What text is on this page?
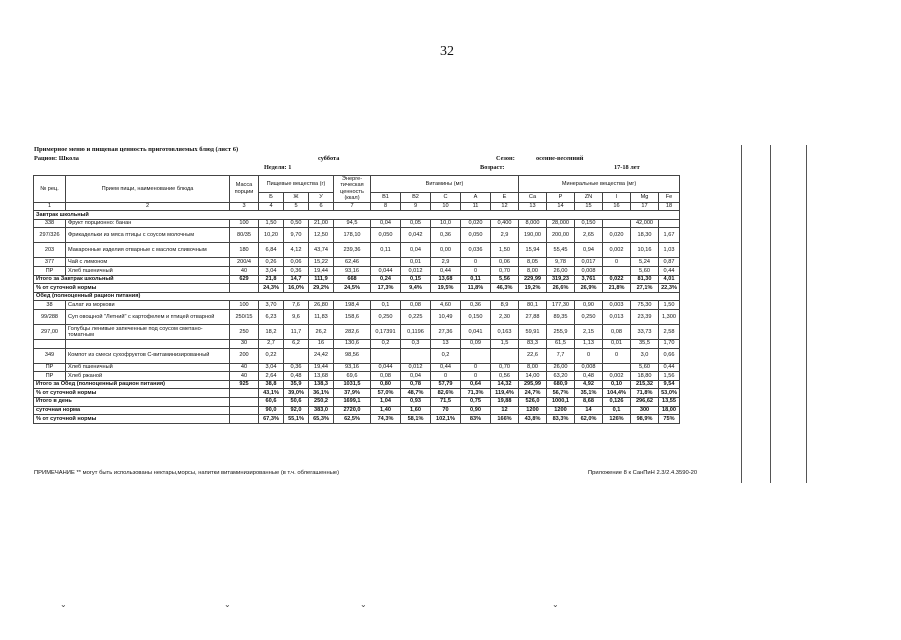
32
Примерное меню и пищевая ценность приготовляемых блюд (лист 6)
Рацион: Школа	суббота	Сезон:	осенне-весенний
Неделя: 1	Возраст:	17-18 лет
№ рец.	Прием пищи, наименование блюда	Масса порции	Пищевые вещества (г)			Энерге-тическая ценность (ккал)	Витамины (мг)					Минеральные вещества (мг)					
			Б	Ж	У		B1	B2	C	A	E	Ca	P	ZN	I	Mg	Fe
1	2	3	4	5	6	7	8	9	10	11	12	13	14	15	16	17	18
Завтрак школьный																	
338	Фрукт порционно: банан	100	1,50	0,50	21,00	94,5	0,04	0,05	10,0	0,020	0,400	8,000	28,000	0,150		42,000	
297/326	Фрикадельки из мяса птицы с соусом молочным	80/35	10,20	9,70	12,50	178,10	0,050	0,042	0,36	0,050	2,9	190,00	200,00	2,65	0,020	18,30	1,67
203	Макаронные изделия отварные с маслом сливочным	180	6,84	4,12	43,74	239,36	0,11	0,04	0,00	0,036	1,50	15,94	55,45	0,94	0,002	10,16	1,03
377	Чай с лимоном	200/4	0,26	0,06	15,22	62,46		0,01	2,9	0	0,06	8,05	9,78	0,017	0	5,24	0,87
ПР	Хлеб пшеничный	40	3,04	0,36	19,44	93,16	0,044	0,012	0,44	0	0,70	8,00	26,00	0,008		5,60	0,44
Итого за Завтрак школьный		629	21,8	14,7	111,9	668	0,24	0,15	13,68	0,11	5,56	229,99	319,23	3,761	0,022	81,30	4,01
% от суточной нормы			24,3%	16,0%	29,2%	24,5%	17,3%	9,4%	19,5%	11,8%	46,3%	19,2%	26,6%	26,9%	21,8%	27,1%	22,3%
Обед (полноценный рацион питания)																	
38	Салат из моркови	100	3,70	7,6	26,80	198,4	0,1	0,08	4,60	0,36	8,9	80,1	177,30	0,90	0,003	75,30	1,50
99/288	Суп овощной "Летний" с картофелем и птицей отварной	250/15	6,23	9,6	11,83	158,6	0,250	0,225	10,49	0,150	2,30	27,88	89,35	0,250	0,013	23,39	1,300
297,00	Голубцы ленивые запеченные под соусом сметано-томатным	250	18,2	11,7	26,2	282,6	0,17391	0,1196	27,36	0,041	0,163	59,91	255,9	2,15	0,08	33,73	2,58
		30	2,7	6,2	16	130,6	0,2	0,3	13	0,09	1,5	83,3	61,5	1,13	0,01	35,5	1,70
349	Компот из смеси сухофруктов С-витаминизированный	200	0,22		24,42	98,56			0,2			22,6	7,7	0	0	3,0	0,66
ПР	Хлеб пшеничный	40	3,04	0,36	19,44	93,16	0,044	0,012	0,44	0	0,70	8,00	26,00	0,008		5,60	0,44
ПР	Хлеб ржаной	40	2,64	0,48	13,68	69,6	0,08	0,04	0	0	0,56	14,00	63,20	0,48	0,002	18,80	1,56
Итого за Обед (полноценный рацион питания)		925	38,8	35,9	138,3	1031,5	0,80	0,78	57,79	0,64	14,32	295,99	680,9	4,92	0,10	215,32	9,54
% от суточной нормы			43,1%	39,0%	36,1%	37,9%	57,0%	48,7%	82,6%	71,3%	119,4%	24,7%	56,7%	35,1%	104,4%	71,8%	53,0%
Итого в день			60,6	50,6	250,2	1699,1	1,04	0,93	71,5	0,75	19,88	526,0	1000,1	8,68	0,126	296,62	13,55
суточная норма			90,0	92,0	383,0	2720,0	1,40	1,60	70	0,90	12	1200	1200	14	0,1	300	18,00
% от суточной нормы			67,3%	55,1%	65,3%	62,5%	74,3%	58,1%	102,1%	83%	166%	43,8%	83,3%	62,0%	126%	98,9%	75%
ПРИМЕЧАНИЕ ** могут быть использованы нектары,морсы, напитки витаминизированные (в т.ч. облегашенные)	Приложение 8 к СанПиН 2.3/2.4.3590-20
⌄	⌄	⌄	⌄
